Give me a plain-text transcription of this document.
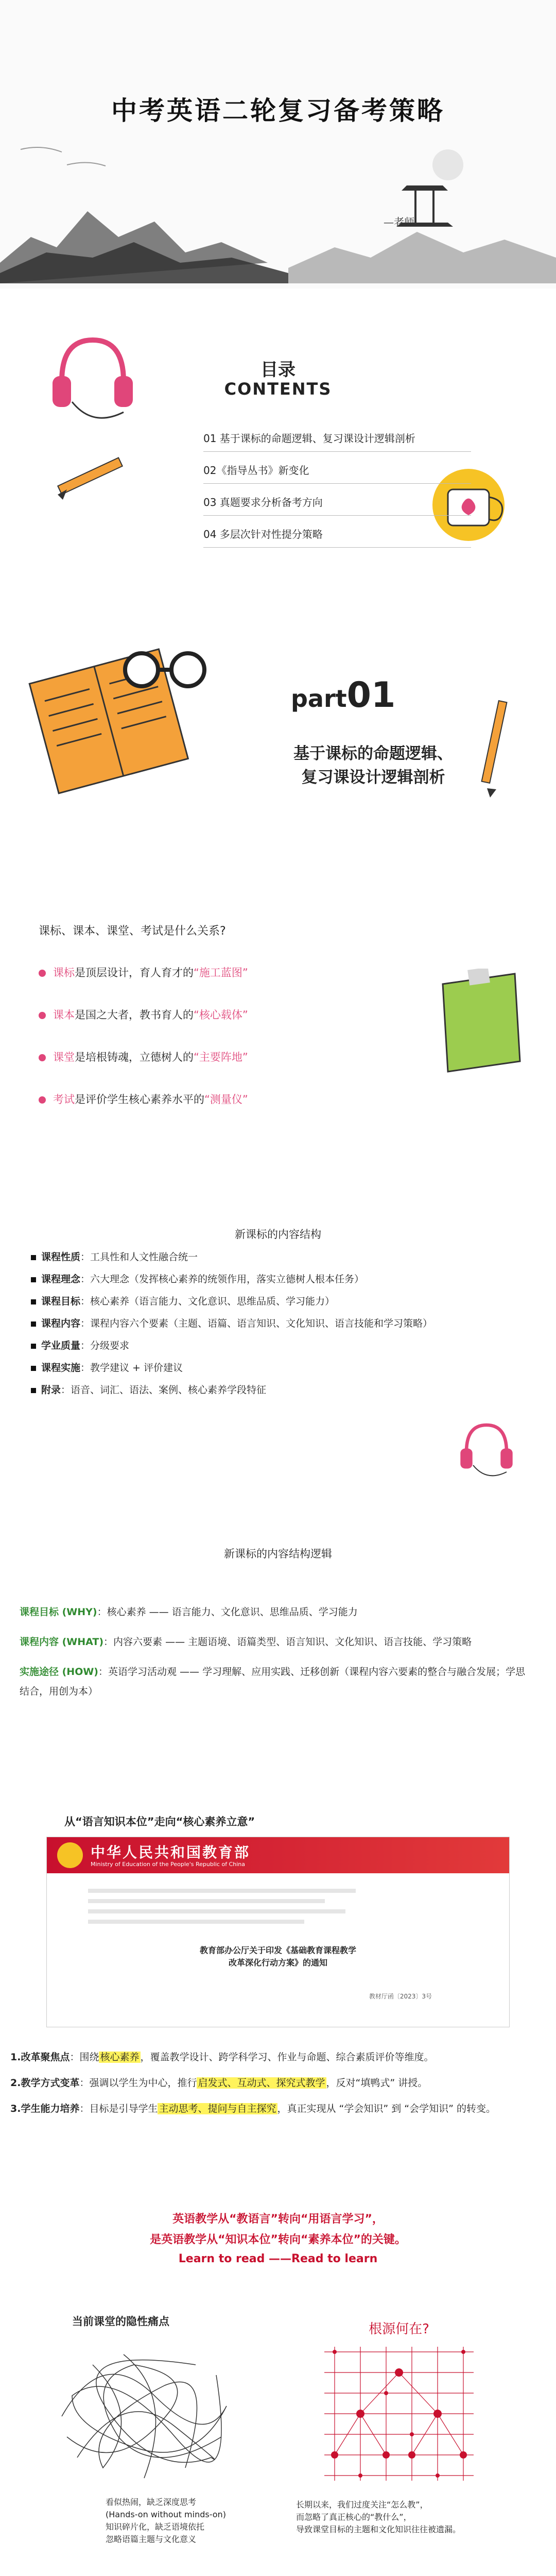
中考英语二轮复习备考策略
—老师
目录
CONTENTS
01 基于课标的命题逻辑、复习课设计逻辑剖析
02《指导丛书》新变化
03 真题要求分析备考方向
04 多层次针对性提分策略
part01
基于课标的命题逻辑、
复习课设计逻辑剖析
课标、课本、课堂、考试是什么关系?
课标是顶层设计，育人育才的“施工蓝图”
课本是国之大者，教书育人的“核心载体”
课堂是培根铸魂，立德树人的“主要阵地”
考试是评价学生核心素养水平的“测量仪”
新课标的内容结构
课程性质：工具性和人文性融合统一
课程理念：六大理念（发挥核心素养的统领作用，落实立德树人根本任务）
课程目标：核心素养（语言能力、文化意识、思维品质、学习能力）
课程内容：课程内容六个要素（主题、语篇、语言知识、文化知识、语言技能和学习策略）
学业质量：分级要求
课程实施：教学建议 + 评价建议
附录：语音、词汇、语法、案例、核心素养学段特征
新课标的内容结构逻辑
课程目标 (WHY)：核心素养 —— 语言能力、文化意识、思维品质、学习能力
课程内容 (WHAT)：内容六要素 —— 主题语境、语篇类型、语言知识、文化知识、语言技能、学习策略
实施途径 (HOW)：英语学习活动观 —— 学习理解、应用实践、迁移创新（课程内容六要素的整合与融合发展；学思结合，用创为本）
从“语言知识本位”走向“核心素养立意”
中华人民共和国教育部
Ministry of Education of the People's Republic of China
教育部办公厅关于印发《基础教育课程教学
改革深化行动方案》的通知
教材厅函〔2023〕3号
1.改革聚焦点：围绕 核心素养 ，覆盖教学设计、跨学科学习、作业与命题、综合素质评价等维度。
2.教学方式变革：强调以学生为中心，推行 启发式、互动式、探究式教学 ，反对“填鸭式” 讲授。
3.学生能力培养：目标是引导学生 主动思考、提问与自主探究 ，真正实现从 “学会知识” 到 “会学知识” 的转变。
英语教学从“教语言”转向“用语言学习”，
是英语教学从“知识本位”转向“素养本位”的关键。
Learn to read ——Read to learn
当前课堂的隐性痛点
看似热闹，缺乏深度思考
(Hands-on without minds-on)
知识碎片化，缺乏语境依托
忽略语篇主题与文化意义
根源何在?
长期以来，我们过度关注“怎么教”，
而忽略了真正核心的“教什么”，
导致课堂目标的主题和文化知识往往被遗漏。
